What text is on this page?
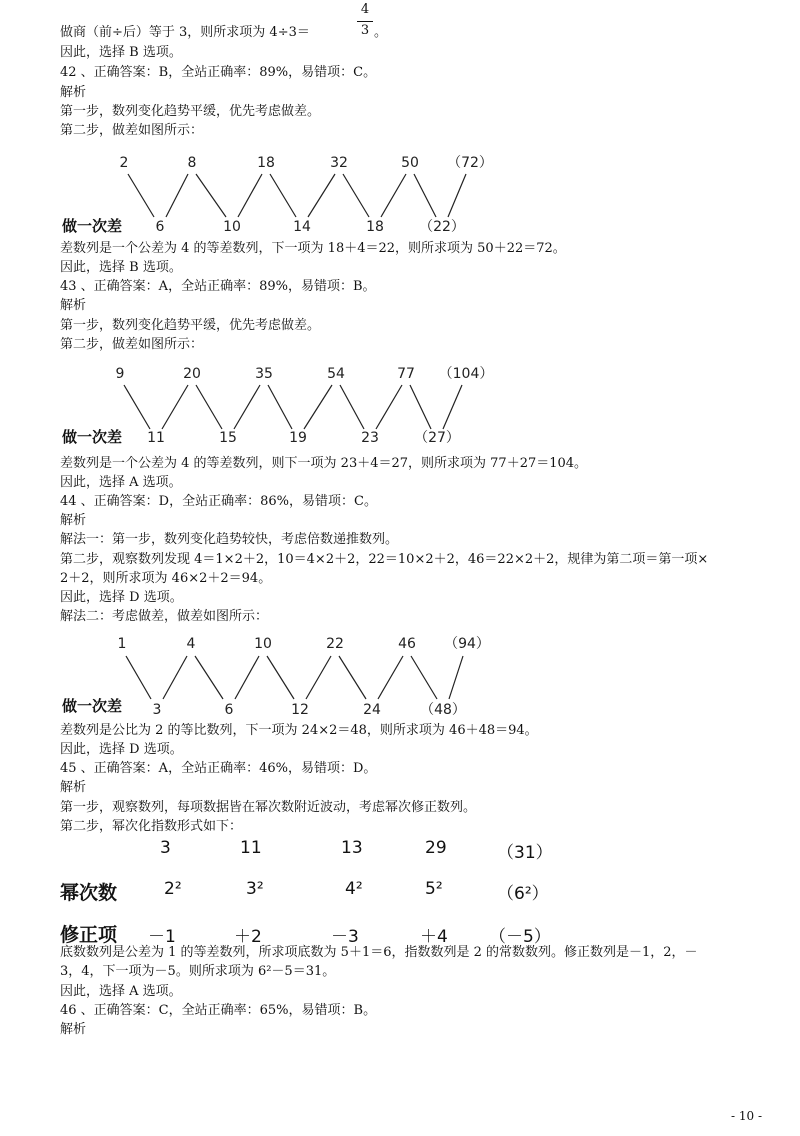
做商（前÷后）等于 3，则所求项为 4÷3＝
4
3 。
因此，选择 B 选项。
42 、正确答案：B，全站正确率：89%，易错项：C。
解析
第一步，数列变化趋势平缓，优先考虑做差。
第二步，做差如图所示：
2	8	18	32	50 （72）
6	10	14	18	（22）
做一次差
差数列是一个公差为 4 的等差数列，下一项为 18＋4＝22，则所求项为 50＋22＝72。
因此，选择 B 选项。
43 、正确答案：A，全站正确率：89%，易错项：B。
解析
第一步，数列变化趋势平缓，优先考虑做差。
第二步，做差如图所示：
9	20	35	54	77 （104）
11	15	19	23	（27）
做一次差
差数列是一个公差为 4 的等差数列，则下一项为 23＋4＝27，则所求项为 77＋27＝104。
因此，选择 A 选项。
44 、正确答案：D，全站正确率：86%，易错项：C。
解析
解法一：第一步，数列变化趋势较快，考虑倍数递推数列。
第二步，观察数列发现 4＝1×2＋2，10＝4×2＋2，22＝10×2＋2，46＝22×2＋2，规律为第二项＝第一项×
2＋2，则所求项为 46×2＋2＝94。
因此，选择 D 选项。
解法二：考虑做差，做差如图所示：
1	4	10	22	46 （94）
3	6	12	24	（48）
做一次差
差数列是公比为 2 的等比数列，下一项为 24×2＝48，则所求项为 46＋48＝94。
因此，选择 D 选项。
45 、正确答案：A，全站正确率：46%，易错项：D。
解析
第一步，观察数列，每项数据皆在幂次数附近波动，考虑幂次修正数列。
第二步，幂次化指数形式如下：
3	11	13	29	（31）
幂次数	2²	3²	4²	5²	（6²）
修正项 －1	＋2	－3	＋4 （－5）
底数数列是公差为 1 的等差数列，所求项底数为 5＋1＝6，指数数列是 2 的常数数列。修正数列是－1，2，－
3，4，下一项为－5。则所求项为 6²－5＝31。
因此，选择 A 选项。
46 、正确答案：C，全站正确率：65%，易错项：B。
解析
- 10 -
